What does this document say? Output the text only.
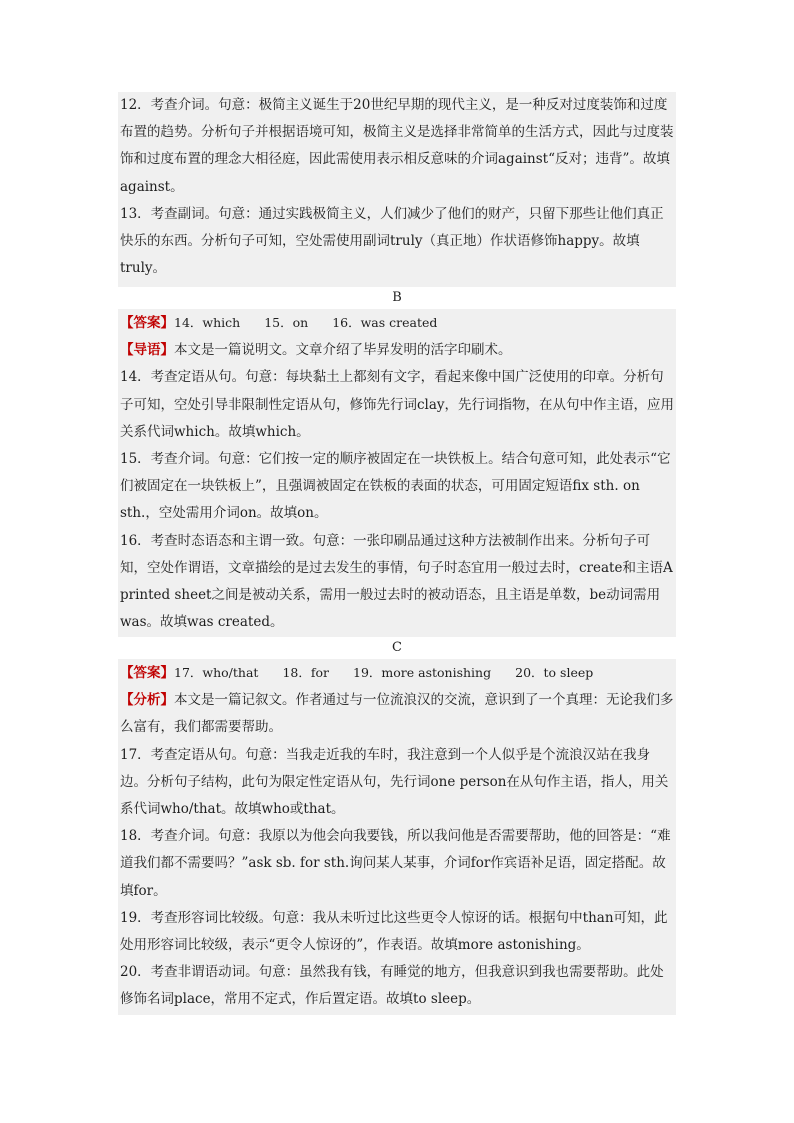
12．考查介词。句意：极简主义诞生于20世纪早期的现代主义，是一种反对过度装饰和过度布置的趋势。分析句子并根据语境可知，极简主义是选择非常简单的生活方式，因此与过度装饰和过度布置的理念大相径庭，因此需使用表示相反意味的介词against“反对；违背”。故填against。

13．考查副词。句意：通过实践极简主义，人们减少了他们的财产，只留下那些让他们真正快乐的东西。分析句子可知，空处需使用副词truly（真正地）作状语修饰happy。故填truly。

B

【答案】14．which 15．on 16．was created

【导语】本文是一篇说明文。文章介绍了毕昇发明的活字印刷术。

14．考查定语从句。句意：每块黏土上都刻有文字，看起来像中国广泛使用的印章。分析句子可知，空处引导非限制性定语从句，修饰先行词clay，先行词指物，在从句中作主语，应用关系代词which。故填which。

15．考查介词。句意：它们按一定的顺序被固定在一块铁板上。结合句意可知，此处表示“它们被固定在一块铁板上”，且强调被固定在铁板的表面的状态，可用固定短语fix sth. on sth.，空处需用介词on。故填on。

16．考查时态语态和主谓一致。句意：一张印刷品通过这种方法被制作出来。分析句子可知，空处作谓语，文章描绘的是过去发生的事情，句子时态宜用一般过去时，create和主语A printed sheet之间是被动关系，需用一般过去时的被动语态，且主语是单数，be动词需用was。故填was created。

C

【答案】17．who/that 18．for 19．more astonishing 20．to sleep

【分析】本文是一篇记叙文。作者通过与一位流浪汉的交流，意识到了一个真理：无论我们多么富有，我们都需要帮助。

17．考查定语从句。句意：当我走近我的车时，我注意到一个人似乎是个流浪汉站在我身边。分析句子结构，此句为限定性定语从句，先行词one person在从句作主语，指人，用关系代词who/that。故填who或that。

18．考查介词。句意：我原以为他会向我要钱，所以我问他是否需要帮助，他的回答是：“难道我们都不需要吗？”ask sb. for sth.询问某人某事，介词for作宾语补足语，固定搭配。故填for。

19．考查形容词比较级。句意：我从未听过比这些更令人惊讶的话。根据句中than可知，此处用形容词比较级，表示“更令人惊讶的”，作表语。故填more astonishing。

20．考查非谓语动词。句意：虽然我有钱，有睡觉的地方，但我意识到我也需要帮助。此处修饰名词place，常用不定式，作后置定语。故填to sleep。
